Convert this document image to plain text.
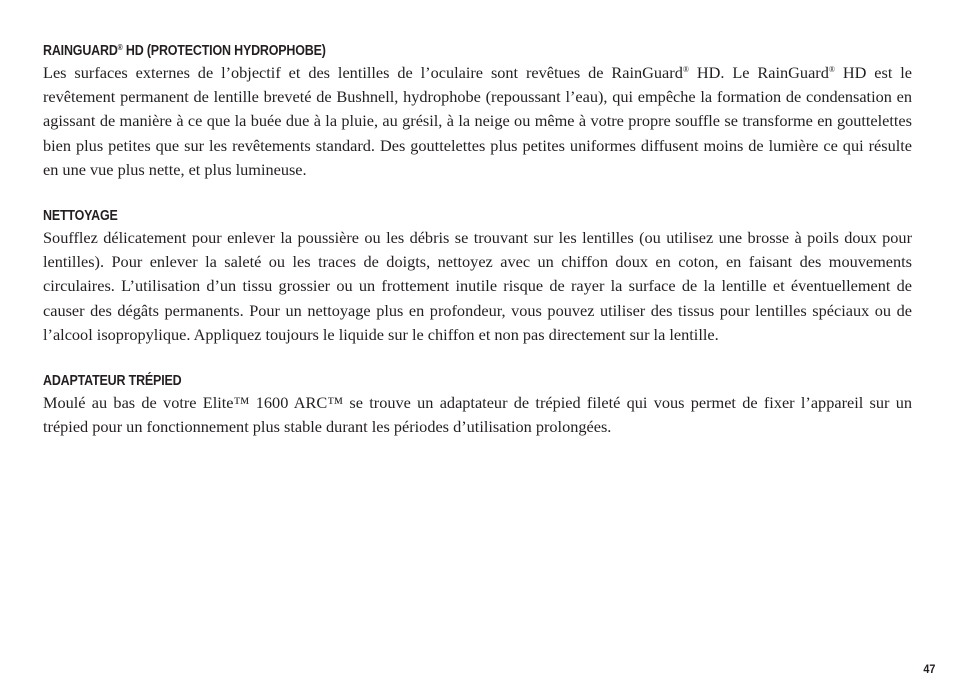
RAINGUARD® HD (PROTECTION HYDROPHOBE)

Les surfaces externes de l’objectif et des lentilles de l’oculaire sont revêtues de RainGuard® HD. Le RainGuard® HD est le revêtement permanent de lentille breveté de Bushnell, hydrophobe (repoussant l’eau), qui empêche la formation de condensation en agissant de manière à ce que la buée due à la pluie, au grésil, à la neige ou même à votre propre souffle se transforme en gouttelettes bien plus petites que sur les revêtements standard. Des gouttelettes plus petites uniformes diffusent moins de lumière ce qui résulte en une vue plus nette, et plus lumineuse.

NETTOYAGE

Soufflez délicatement pour enlever la poussière ou les débris se trouvant sur les lentilles (ou utilisez une brosse à poils doux pour lentilles). Pour enlever la saleté ou les traces de doigts, nettoyez avec un chiffon doux en coton, en faisant des mouvements circulaires. L’utilisation d’un tissu grossier ou un frottement inutile risque de rayer la surface de la lentille et éventuellement de causer des dégâts permanents. Pour un nettoyage plus en profondeur, vous pouvez utiliser des tissus pour lentilles spéciaux ou de l’alcool isopropylique. Appliquez toujours le liquide sur le chiffon et non pas directement sur la lentille.

ADAPTATEUR TRÉPIED

Moulé au bas de votre Elite™ 1600 ARC™ se trouve un adaptateur de trépied fileté qui vous permet de fixer l’appareil sur un trépied pour un fonctionnement plus stable durant les périodes d’utilisation prolongées.

47
